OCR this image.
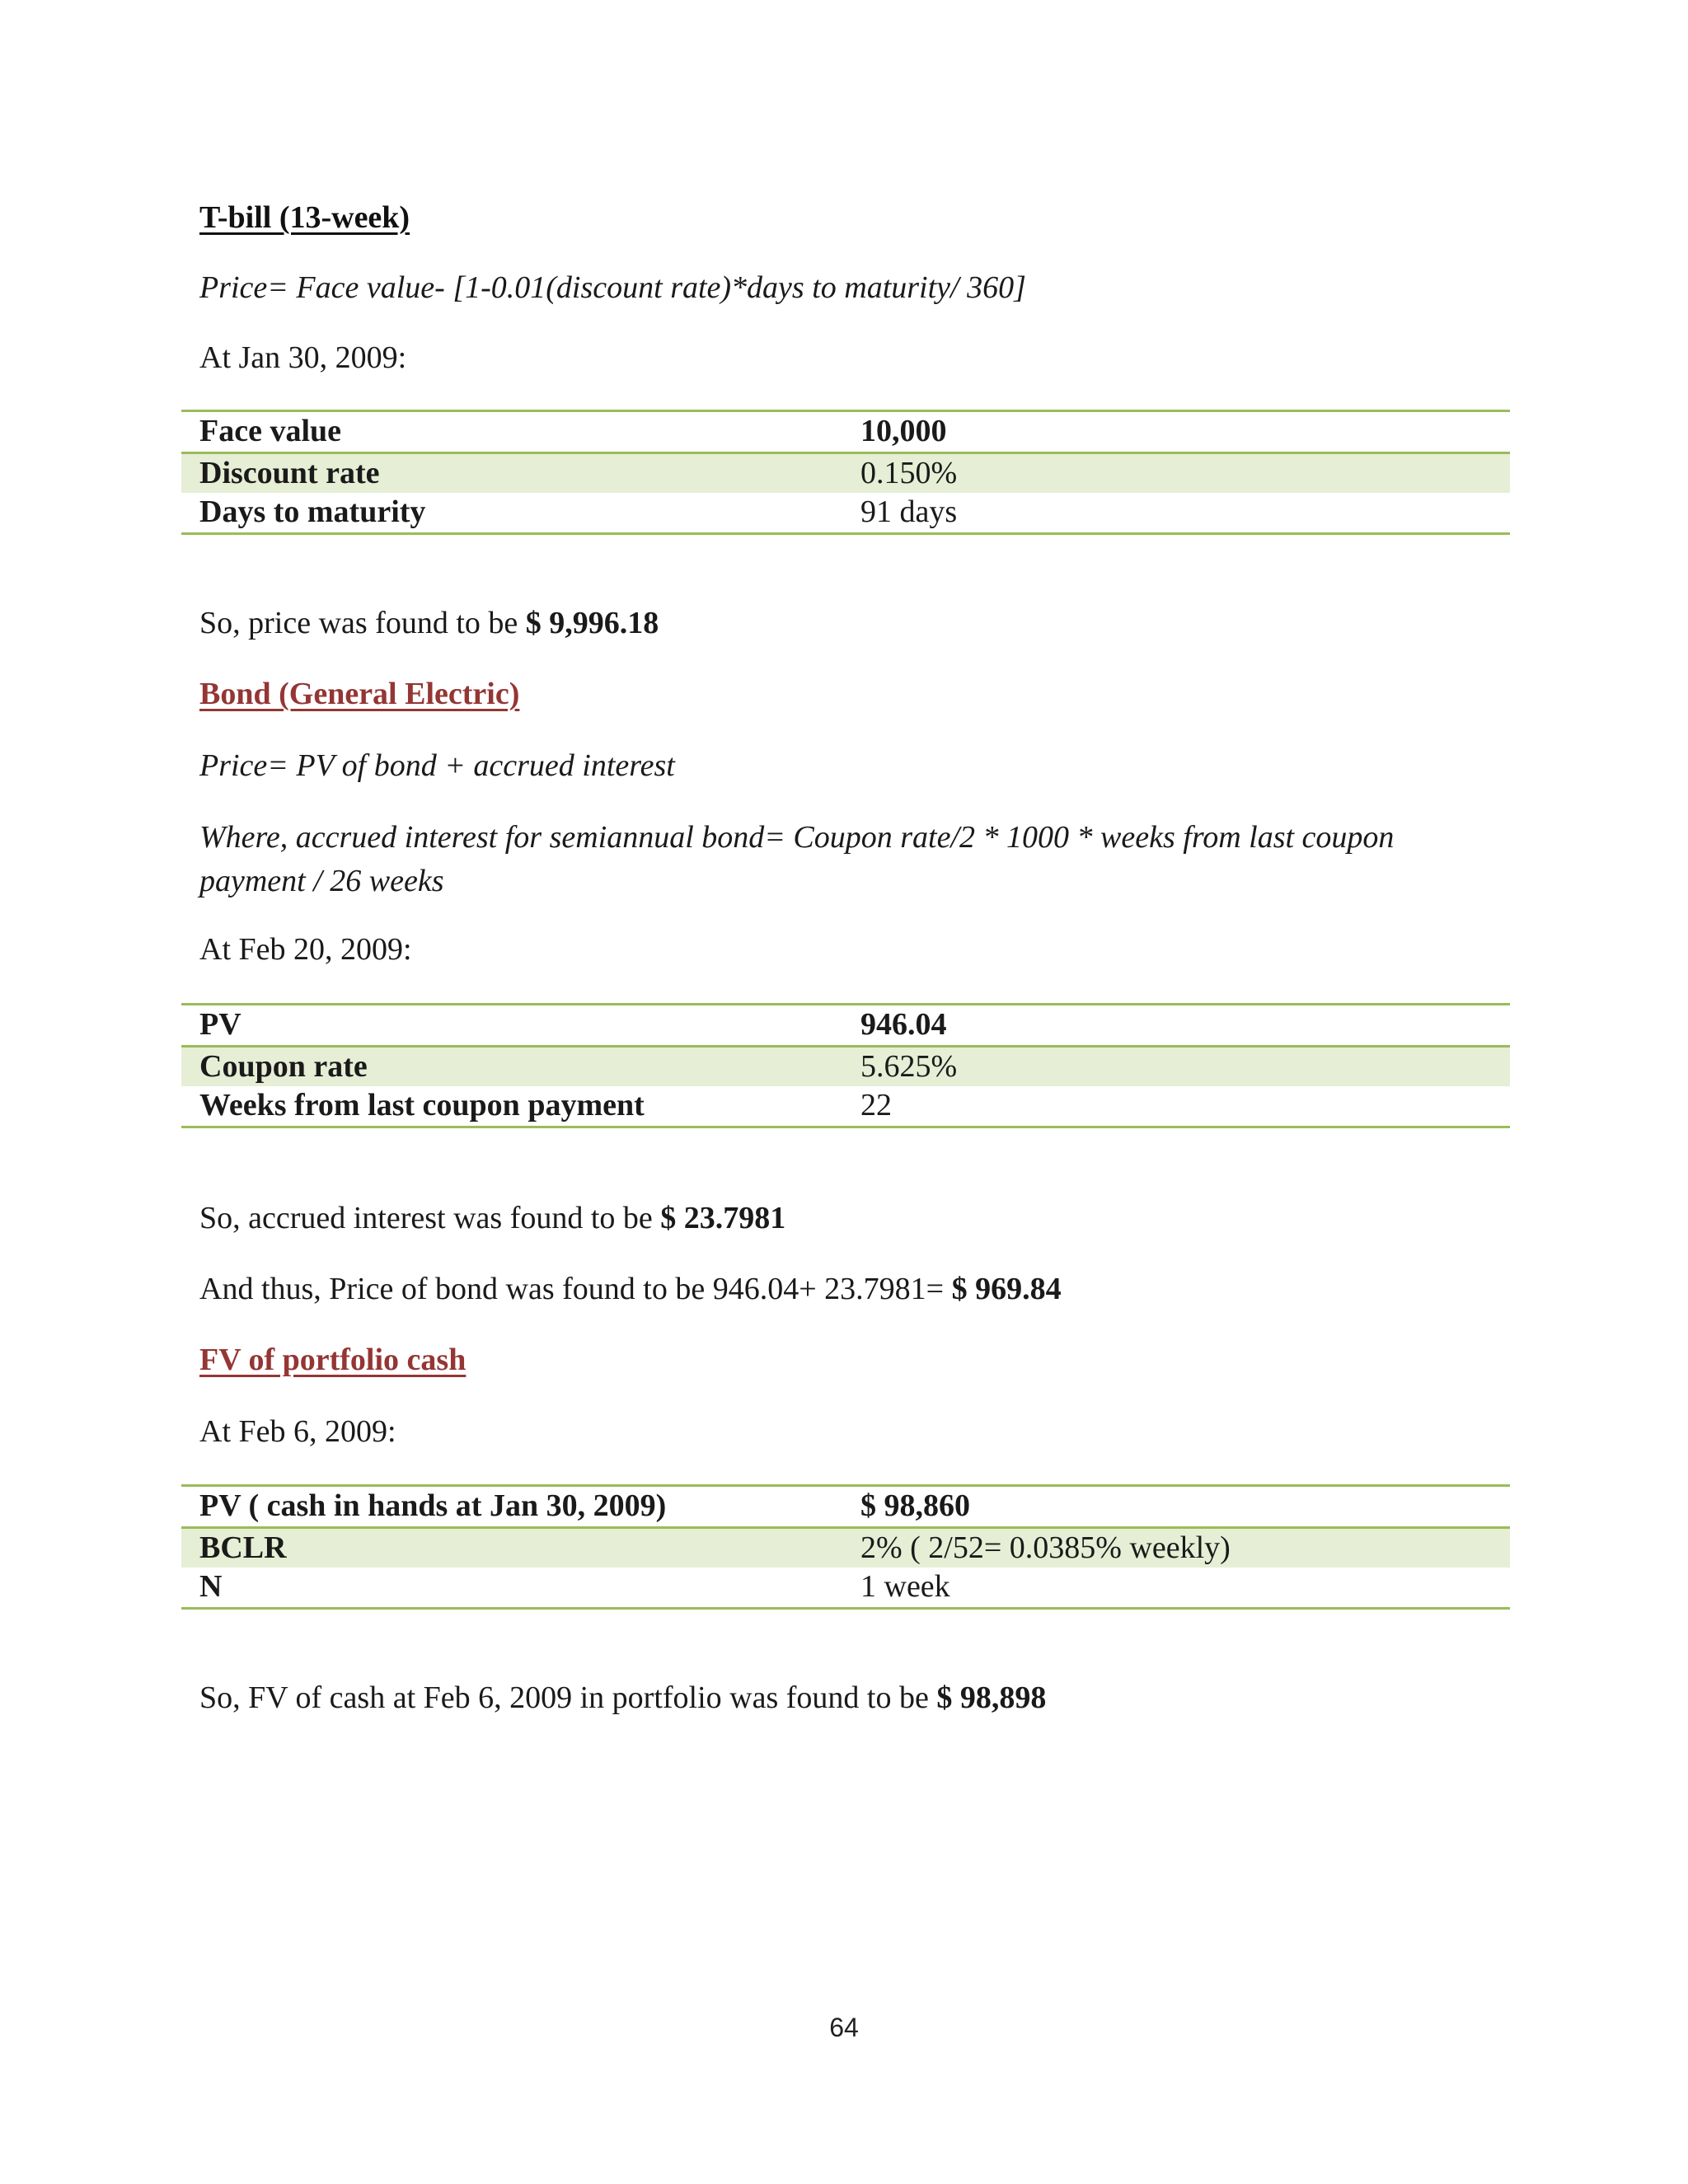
T-bill (13-week)
Price= Face value- [1-0.01(discount rate)*days to maturity/ 360]
At Jan 30, 2009:
Face value	10,000
Discount rate	0.150%
Days to maturity	91 days
So, price was found to be $ 9,996.18
Bond (General Electric)
Price= PV of bond + accrued interest
Where, accrued interest for semiannual bond= Coupon rate/2 * 1000 * weeks from last coupon payment / 26 weeks
At Feb 20, 2009:
PV	946.04
Coupon rate	5.625%
Weeks from last coupon payment	22
So, accrued interest was found to be $ 23.7981
And thus, Price of bond was found to be 946.04+ 23.7981= $ 969.84
FV of portfolio cash
At Feb 6, 2009:
PV ( cash in hands at Jan 30, 2009)	$ 98,860
BCLR	2% ( 2/52= 0.0385% weekly)
N	1 week
So, FV of cash at Feb 6, 2009 in portfolio was found to be $ 98,898
64
